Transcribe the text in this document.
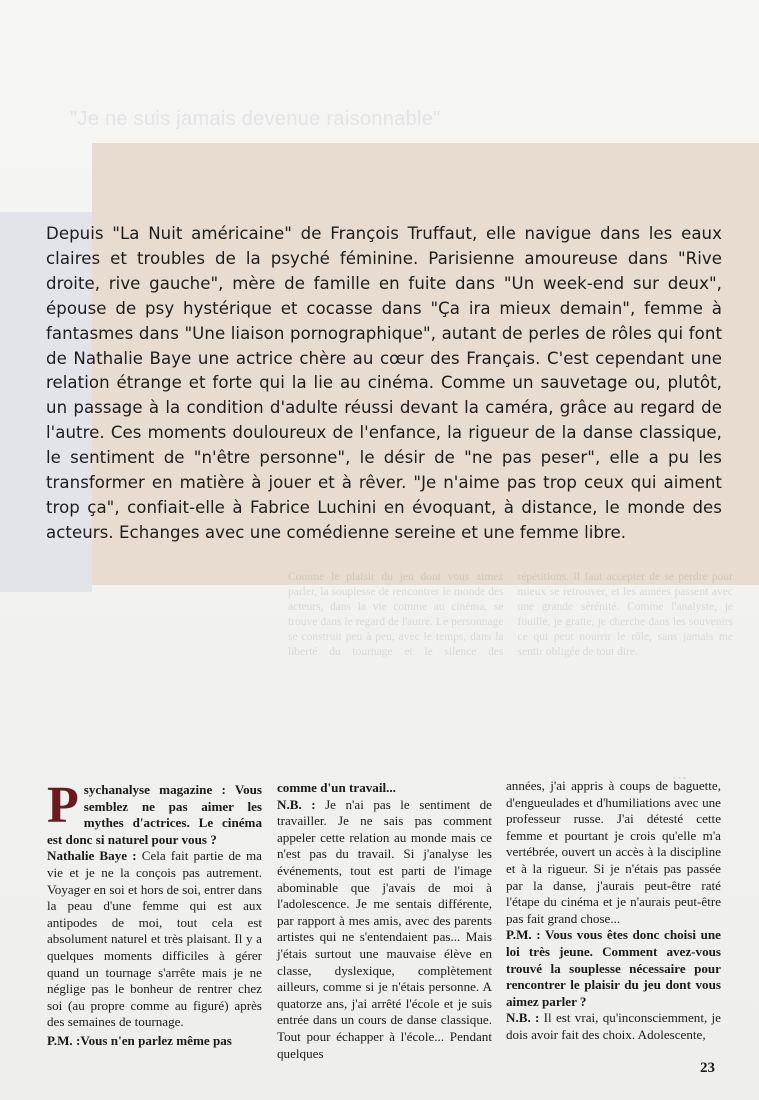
"Je ne suis jamais devenue raisonnable"
Comme le plaisir du jeu dont vous aimez parler, la souplesse de rencontrer le monde des acteurs, dans la vie comme au cinéma, se trouve dans le regard de l'autre. Le personnage se construit peu à peu, avec le temps, dans la liberté du tournage et le silence des répétitions. Il faut accepter de se perdre pour mieux se retrouver, et les années passent avec une grande sérénité. Comme l'analyste, je fouille, je gratte, je cherche dans les souvenirs ce qui peut nourrir le rôle, sans jamais me sentir obligée de tout dire.
...

Depuis "La Nuit américaine" de François Truffaut, elle navigue dans les eaux claires et troubles de la psyché féminine. Parisienne amoureuse dans "Rive droite, rive gauche", mère de famille en fuite dans "Un week-end sur deux", épouse de psy hystérique et cocasse dans "Ça ira mieux demain", femme à fantasmes dans "Une liaison pornographique", autant de perles de rôles qui font de Nathalie Baye une actrice chère au cœur des Français. C'est cependant une relation étrange et forte qui la lie au cinéma. Comme un sauvetage ou, plutôt, un passage à la condition d'adulte réussi devant la caméra, grâce au regard de l'autre. Ces moments douloureux de l'enfance, la rigueur de la danse classique, le sentiment de "n'être personne", le désir de "ne pas peser", elle a pu les transformer en matière à jouer et à rêver. "Je n'aime pas trop ceux qui aiment trop ça", confiait-elle à Fabrice Luchini en évoquant, à distance, le monde des acteurs. Echanges avec une comédienne sereine et une femme libre.

Psychanalyse magazine : Vous semblez ne pas aimer les mythes d'actrices. Le cinéma est donc si naturel pour vous ?

Nathalie Baye : Cela fait partie de ma vie et je ne la conçois pas autrement. Voyager en soi et hors de soi, entrer dans la peau d'une femme qui est aux antipodes de moi, tout cela est absolument naturel et très plaisant. Il y a quelques moments difficiles à gérer quand un tournage s'arrête mais je ne néglige pas le bonheur de rentrer chez soi (au propre comme au figuré) après des semaines de tournage.

P.M. :Vous n'en parlez même pas

comme d'un travail...

N.B. : Je n'ai pas le sentiment de travailler. Je ne sais pas comment appeler cette relation au monde mais ce n'est pas du travail. Si j'analyse les événements, tout est parti de l'image abominable que j'avais de moi à l'adolescence. Je me sentais différente, par rapport à mes amis, avec des parents artistes qui ne s'entendaient pas... Mais j'étais surtout une mauvaise élève en classe, dyslexique, complètement ailleurs, comme si je n'étais personne. A quatorze ans, j'ai arrêté l'école et je suis entrée dans un cours de danse classique. Tout pour échapper à l'école... Pendant quelques

années, j'ai appris à coups de baguette, d'engueulades et d'humiliations avec une professeur russe. J'ai détesté cette femme et pourtant je crois qu'elle m'a vertébrée, ouvert un accès à la discipline et à la rigueur. Si je n'étais pas passée par la danse, j'aurais peut-être raté l'étape du cinéma et je n'aurais peut-être pas fait grand chose...

P.M. : Vous vous êtes donc choisi une loi très jeune. Comment avez-vous trouvé la souplesse nécessaire pour rencontrer le plaisir du jeu dont vous aimez parler ?

N.B. : Il est vrai, qu'inconsciemment, je dois avoir fait des choix. Adolescente,

23
